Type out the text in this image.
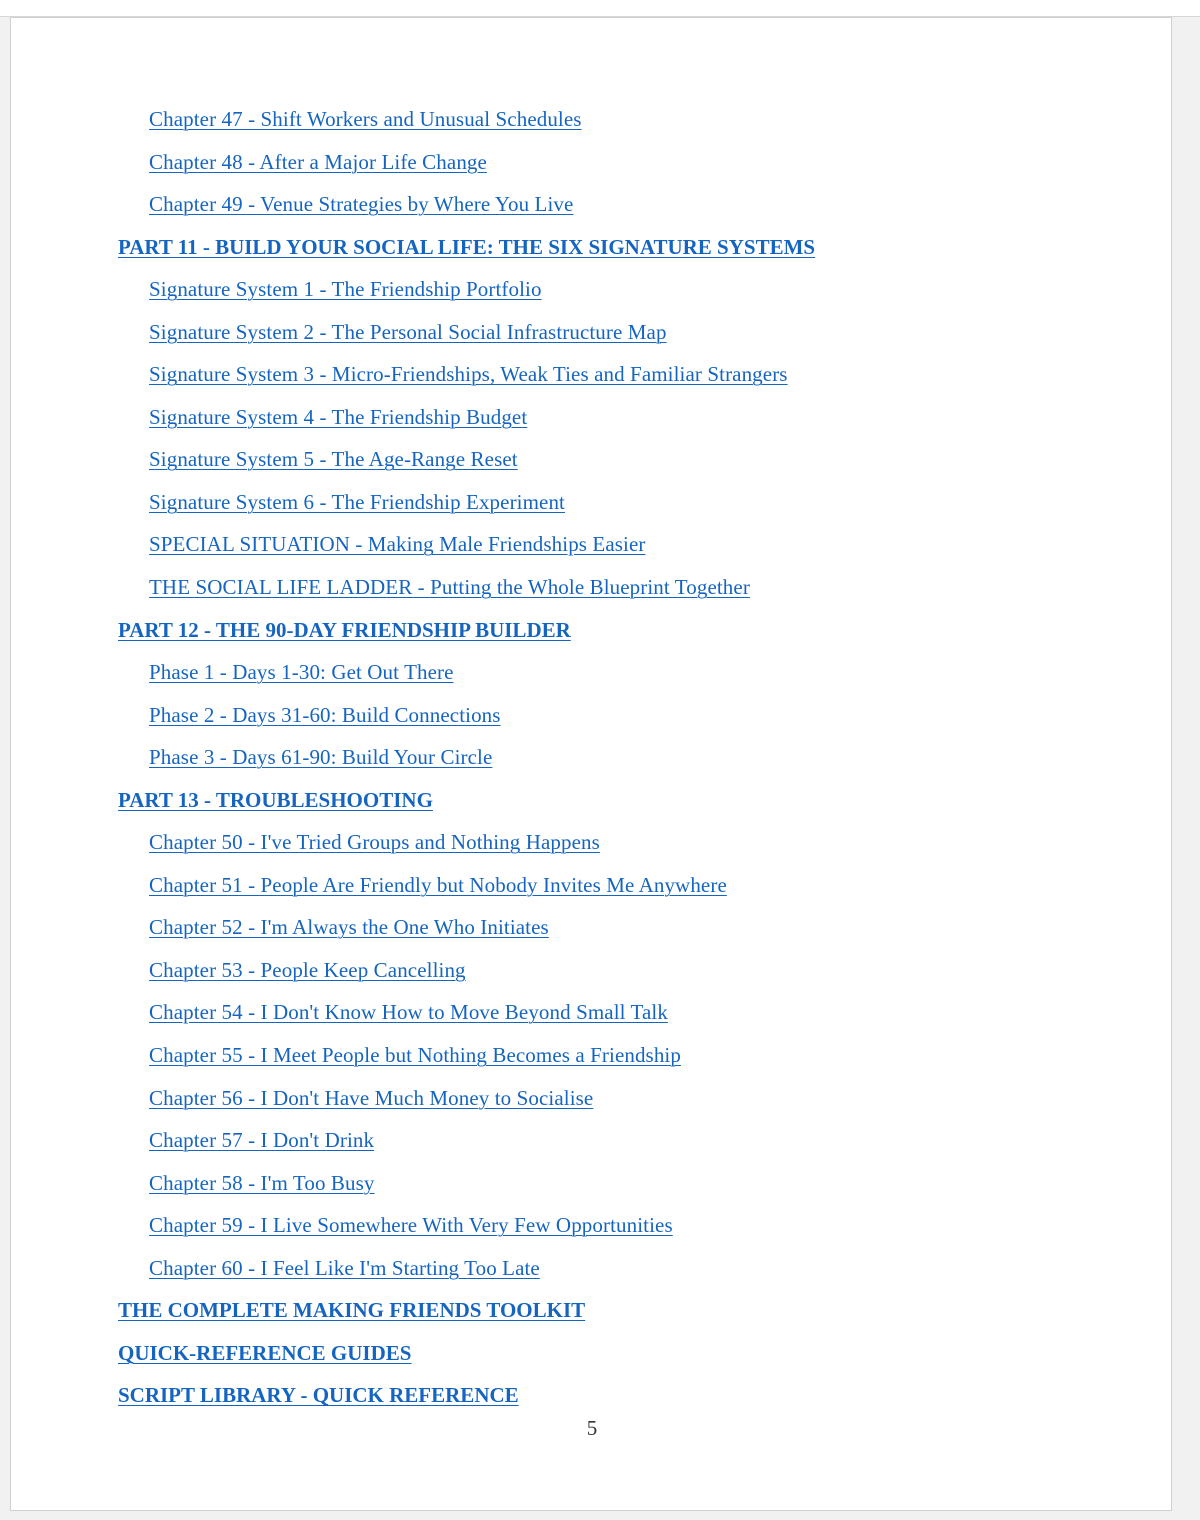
Chapter 47 - Shift Workers and Unusual Schedules
Chapter 48 - After a Major Life Change
Chapter 49 - Venue Strategies by Where You Live
PART 11 - BUILD YOUR SOCIAL LIFE: THE SIX SIGNATURE SYSTEMS
Signature System 1 - The Friendship Portfolio
Signature System 2 - The Personal Social Infrastructure Map
Signature System 3 - Micro-Friendships, Weak Ties and Familiar Strangers
Signature System 4 - The Friendship Budget
Signature System 5 - The Age-Range Reset
Signature System 6 - The Friendship Experiment
SPECIAL SITUATION - Making Male Friendships Easier
THE SOCIAL LIFE LADDER - Putting the Whole Blueprint Together
PART 12 - THE 90-DAY FRIENDSHIP BUILDER
Phase 1 - Days 1-30: Get Out There
Phase 2 - Days 31-60: Build Connections
Phase 3 - Days 61-90: Build Your Circle
PART 13 - TROUBLESHOOTING
Chapter 50 - I've Tried Groups and Nothing Happens
Chapter 51 - People Are Friendly but Nobody Invites Me Anywhere
Chapter 52 - I'm Always the One Who Initiates
Chapter 53 - People Keep Cancelling
Chapter 54 - I Don't Know How to Move Beyond Small Talk
Chapter 55 - I Meet People but Nothing Becomes a Friendship
Chapter 56 - I Don't Have Much Money to Socialise
Chapter 57 - I Don't Drink
Chapter 58 - I'm Too Busy
Chapter 59 - I Live Somewhere With Very Few Opportunities
Chapter 60 - I Feel Like I'm Starting Too Late
THE COMPLETE MAKING FRIENDS TOOLKIT
QUICK-REFERENCE GUIDES
SCRIPT LIBRARY - QUICK REFERENCE
5
